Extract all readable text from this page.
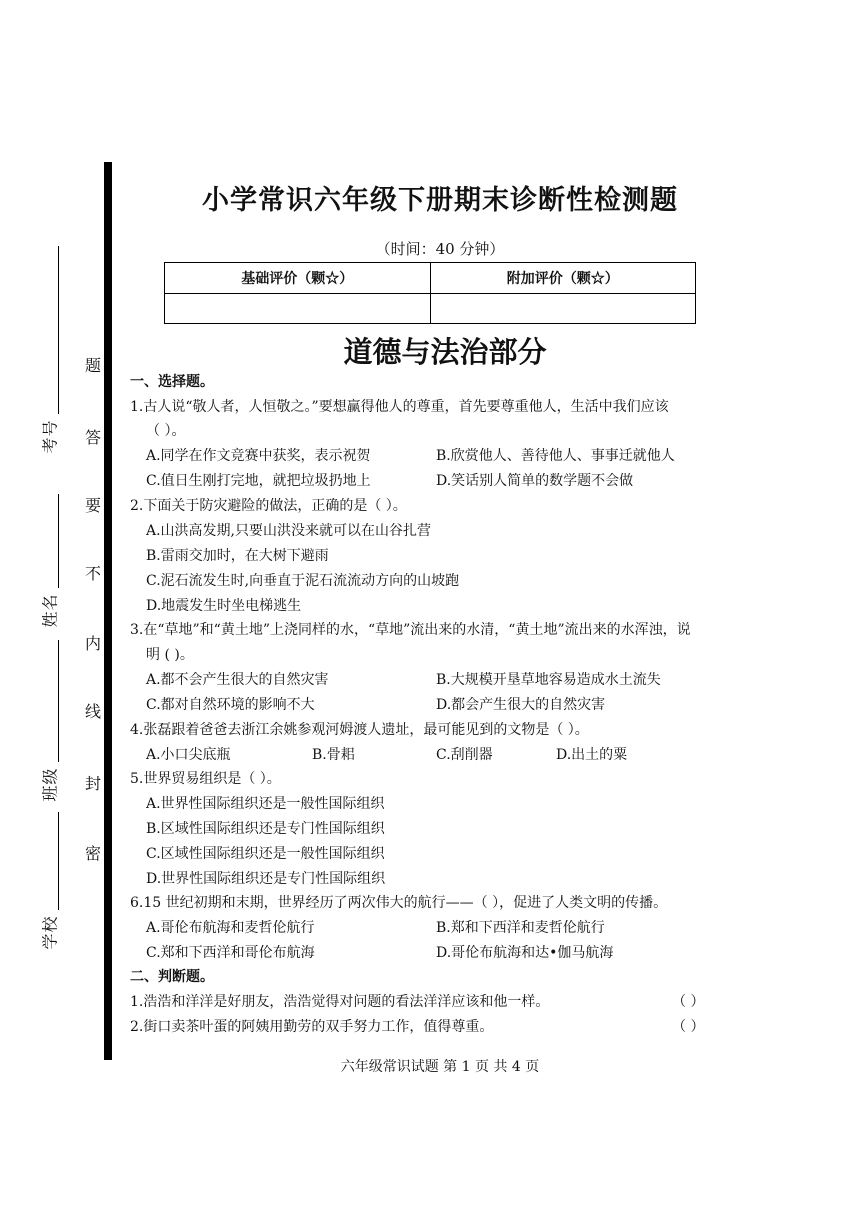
号
考
名
姓
级
班
校
学
题
答
要
不
内
线
封
密
小学常识六年级下册期末诊断性检测题
（时间：40 分钟）
基础评价（颗☆）	附加评价（颗☆）

道德与法治部分
一、选择题。
1.古人说“敬人者，人恒敬之。”要想赢得他人的尊重，首先要尊重他人，生活中我们应该
（ ）。
A.同学在作文竞赛中获奖，表示祝贺	B.欣赏他人、善待他人、事事迁就他人
C.值日生刚打完地，就把垃圾扔地上	D.笑话别人简单的数学题不会做
2.下面关于防灾避险的做法，正确的是（ ）。
A.山洪高发期,只要山洪没来就可以在山谷扎营
B.雷雨交加时，在大树下避雨
C.泥石流发生时,向垂直于泥石流流动方向的山坡跑
D.地震发生时坐电梯逃生
3.在“草地”和“黄土地”上浇同样的水，“草地”流出来的水清，“黄土地”流出来的水浑浊，说
明 ( )。
A.都不会产生很大的自然灾害	B.大规模开垦草地容易造成水土流失
C.都对自然环境的影响不大	D.都会产生很大的自然灾害
4.张磊跟着爸爸去浙江余姚参观河姆渡人遗址，最可能见到的文物是（ ）。
A.小口尖底瓶	B.骨耜	C.刮削器	D.出土的粟
5.世界贸易组织是（ ）。
A.世界性国际组织还是一般性国际组织
B.区域性国际组织还是专门性国际组织
C.区域性国际组织还是一般性国际组织
D.世界性国际组织还是专门性国际组织
6.15 世纪初期和末期，世界经历了两次伟大的航行——（ ），促进了人类文明的传播。
A.哥伦布航海和麦哲伦航行	B.郑和下西洋和麦哲伦航行
C.郑和下西洋和哥伦布航海	D.哥伦布航海和达•伽马航海
二、判断题。
1.浩浩和洋洋是好朋友，浩浩觉得对问题的看法洋洋应该和他一样。	（ ）
2.街口卖茶叶蛋的阿姨用勤劳的双手努力工作，值得尊重。	（ ）
六年级常识试题 第 1 页 共 4 页
